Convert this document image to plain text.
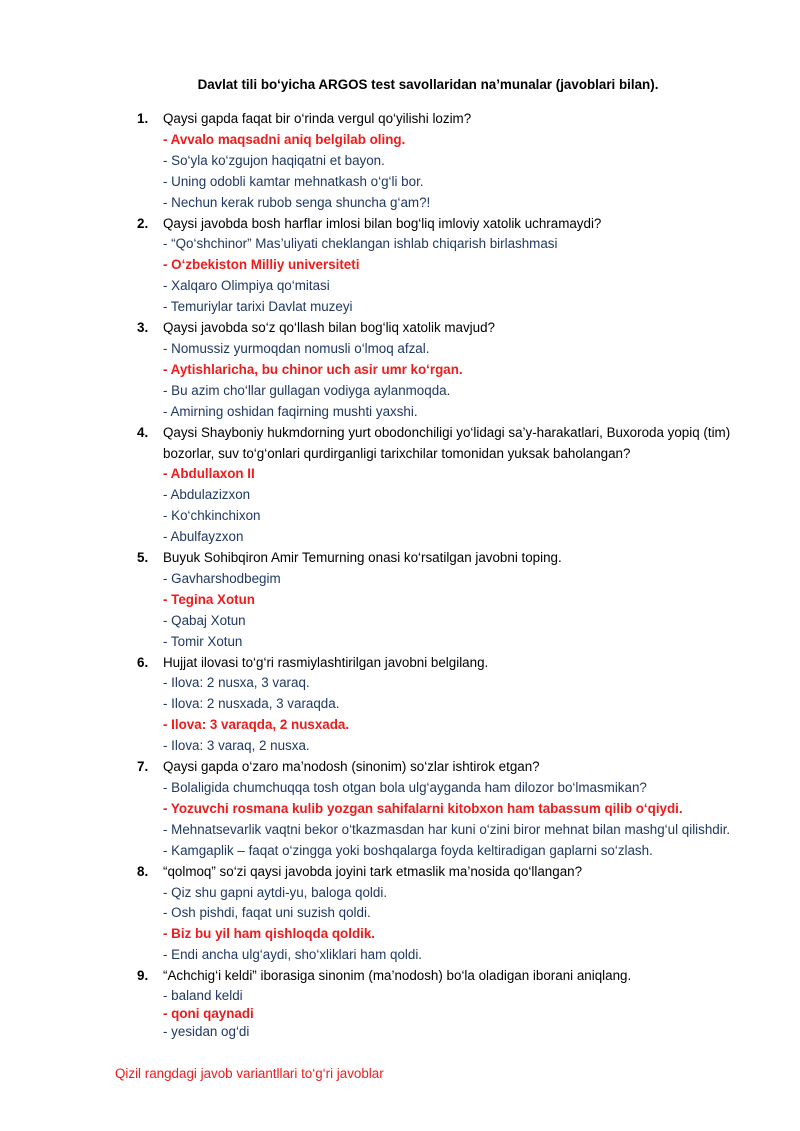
Davlat tili bo‘yicha ARGOS test savollaridan na’munalar (javoblari bilan).
1. Qaysi gapda faqat bir o‘rinda vergul qo‘yilishi lozim?
- Avvalo maqsadni aniq belgilab oling.
- So‘yla ko‘zgujon haqiqatni et bayon.
- Uning odobli kamtar mehnatkash o‘g‘li bor.
- Nechun kerak rubob senga shuncha g‘am?!
2. Qaysi javobda bosh harflar imlosi bilan bog‘liq imloviy xatolik uchramaydi?
- “Qo‘shchinor” Mas’uliyati cheklangan ishlab chiqarish birlashmasi
- O‘zbekiston Milliy universiteti
- Xalqaro Olimpiya qo‘mitasi
- Temuriylar tarixi Davlat muzeyi
3. Qaysi javobda so‘z qo‘llash bilan bog‘liq xatolik mavjud?
- Nomussiz yurmoqdan nomusli o‘lmoq afzal.
- Aytishlaricha, bu chinor uch asir umr ko‘rgan.
- Bu azim cho‘llar gullagan vodiyga aylanmoqda.
- Amirning oshidan faqirning mushti yaxshi.
4. Qaysi Shayboniy hukmdorning yurt obodonchiligi yo‘lidagi sa’y-harakatlari, Buxoroda yopiq (tim) bozorlar, suv to‘g‘onlari qurdirganligi tarixchilar tomonidan yuksak baholangan?
- Abdullaxon II
- Abdulazizxon
- Ko‘chkinchixon
- Abulfayzxon
5. Buyuk Sohibqiron Amir Temurning onasi ko‘rsatilgan javobni toping.
- Gavharshodbegim
- Tegina Xotun
- Qabaj Xotun
- Tomir Xotun
6. Hujjat ilovasi to‘g‘ri rasmiylashtirilgan javobni belgilang.
- Ilova: 2 nusxa, 3 varaq.
- Ilova: 2 nusxada, 3 varaqda.
- Ilova: 3 varaqda, 2 nusxada.
- Ilova: 3 varaq, 2 nusxa.
7. Qaysi gapda o‘zaro ma’nodosh (sinonim) so‘zlar ishtirok etgan?
- Bolaligida chumchuqqa tosh otgan bola ulg‘ayganda ham dilozor bo‘lmasmikan?
- Yozuvchi rosmana kulib yozgan sahifalarni kitobxon ham tabassum qilib o‘qiydi.
- Mehnatsevarlik vaqtni bekor o‘tkazmasdan har kuni o‘zini biror mehnat bilan mashg‘ul qilishdir.
- Kamgaplik – faqat o‘zingga yoki boshqalarga foyda keltiradigan gaplarni so‘zlash.
8. “qolmoq” so‘zi qaysi javobda joyini tark etmaslik ma’nosida qo‘llangan?
- Qiz shu gapni aytdi-yu, baloga qoldi.
- Osh pishdi, faqat uni suzish qoldi.
- Biz bu yil ham qishloqda qoldik.
- Endi ancha ulg‘aydi, sho‘xliklari ham qoldi.
9. “Achchig‘i keldi” iborasiga sinonim (ma’nodosh) bo‘la oladigan iborani aniqlang.
- baland keldi
- qoni qaynadi
- yesidan og‘di
Qizil rangdagi javob variantllari to‘g‘ri javoblar
